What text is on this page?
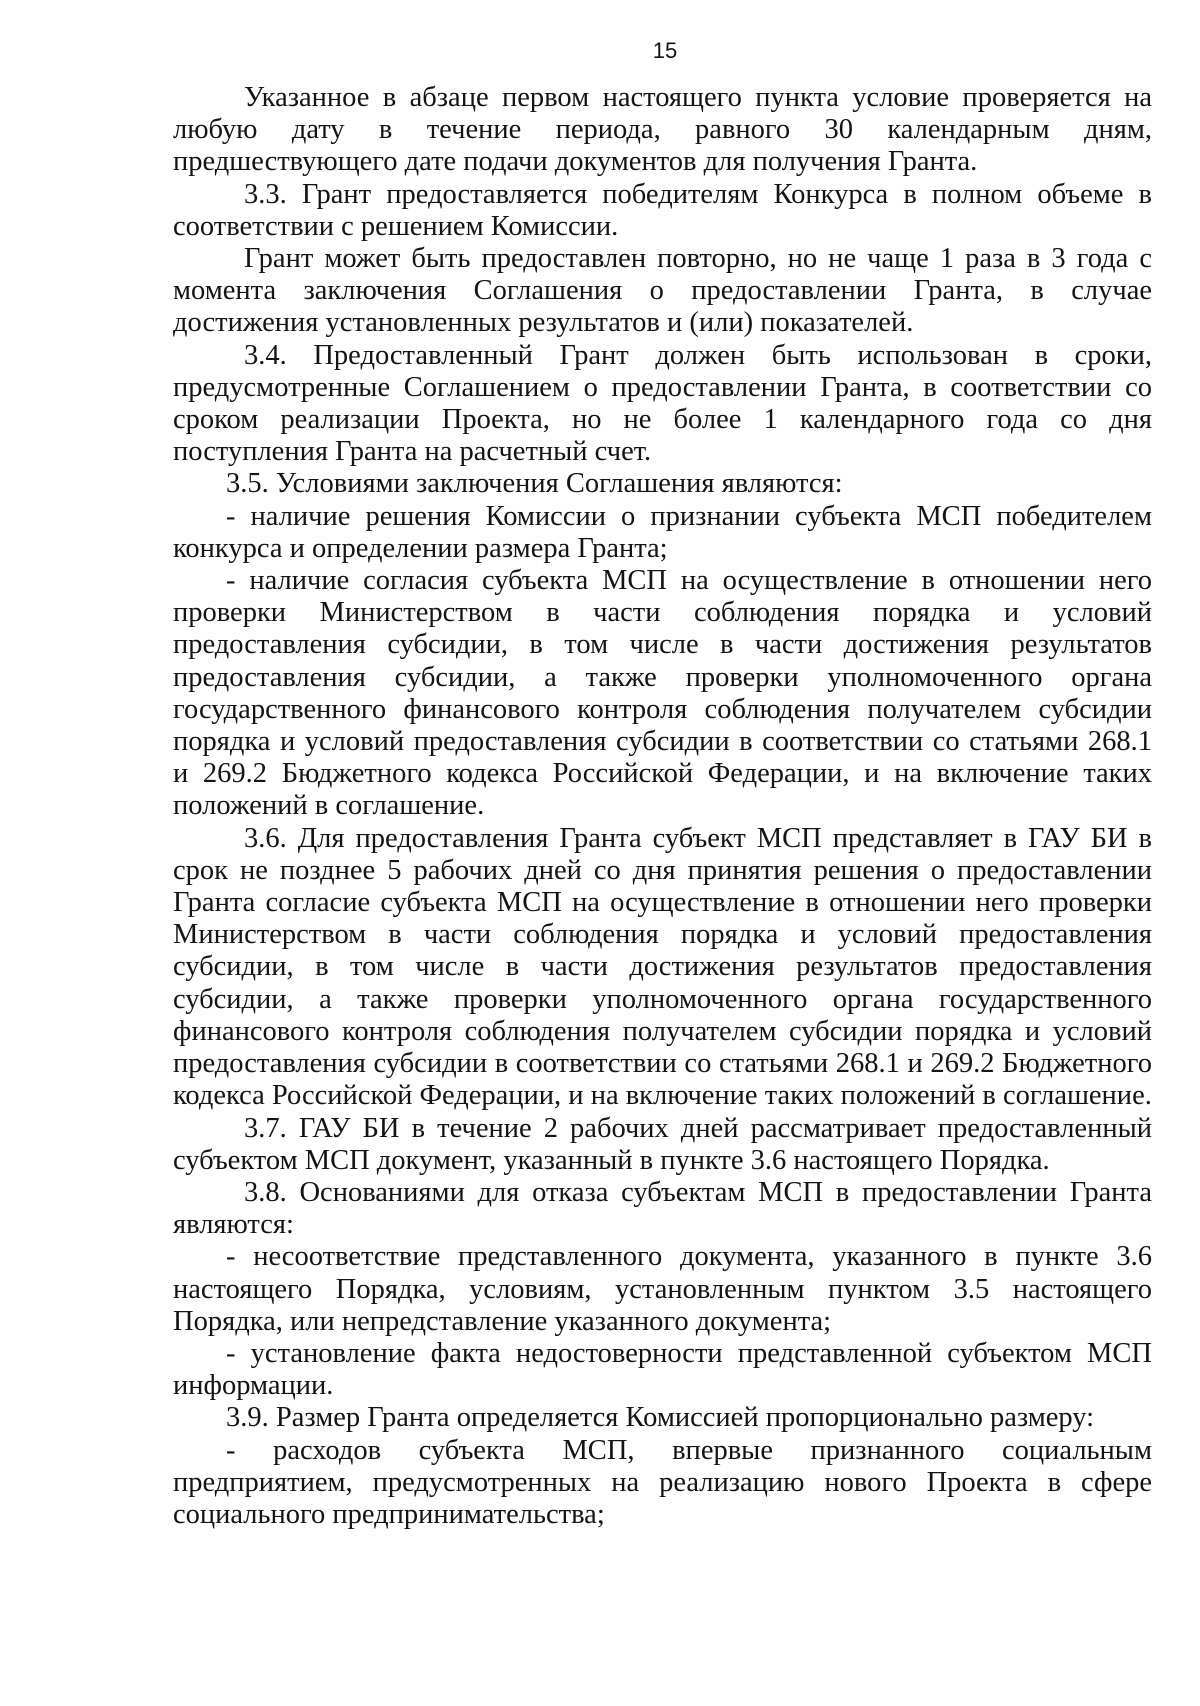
15

Указанное в абзаце первом настоящего пункта условие проверяется на любую дату в течение периода, равного 30 календарным дням, предшествующего дате подачи документов для получения Гранта.

3.3. Грант предоставляется победителям Конкурса в полном объеме в соответствии с решением Комиссии.

Грант может быть предоставлен повторно, но не чаще 1 раза в 3 года с момента заключения Соглашения о предоставлении Гранта, в случае достижения установленных результатов и (или) показателей.

3.4. Предоставленный Грант должен быть использован в сроки, предусмотренные Соглашением о предоставлении Гранта, в соответствии со сроком реализации Проекта, но не более 1 календарного года со дня поступления Гранта на расчетный счет.

3.5. Условиями заключения Соглашения являются:

- наличие решения Комиссии о признании субъекта МСП победителем конкурса и определении размера Гранта;

- наличие согласия субъекта МСП на осуществление в отношении него проверки Министерством в части соблюдения порядка и условий предоставления субсидии, в том числе в части достижения результатов предоставления субсидии, а также проверки уполномоченного органа государственного финансового контроля соблюдения получателем субсидии порядка и условий предоставления субсидии в соответствии со статьями 268.1 и 269.2 Бюджетного кодекса Российской Федерации, и на включение таких положений в соглашение.

3.6. Для предоставления Гранта субъект МСП представляет в ГАУ БИ в срок не позднее 5 рабочих дней со дня принятия решения о предоставлении Гранта согласие субъекта МСП на осуществление в отношении него проверки Министерством в части соблюдения порядка и условий предоставления субсидии, в том числе в части достижения результатов предоставления субсидии, а также проверки уполномоченного органа государственного финансового контроля соблюдения получателем субсидии порядка и условий предоставления субсидии в соответствии со статьями 268.1 и 269.2 Бюджетного кодекса Российской Федерации, и на включение таких положений в соглашение.

3.7. ГАУ БИ в течение 2 рабочих дней рассматривает предоставленный субъектом МСП документ, указанный в пункте 3.6 настоящего Порядка.

3.8. Основаниями для отказа субъектам МСП в предоставлении Гранта являются:

- несоответствие представленного документа, указанного в пункте 3.6 настоящего Порядка, условиям, установленным пунктом 3.5 настоящего Порядка, или непредставление указанного документа;

- установление факта недостоверности представленной субъектом МСП информации.

3.9. Размер Гранта определяется Комиссией пропорционально размеру:

- расходов субъекта МСП, впервые признанного социальным предприятием, предусмотренных на реализацию нового Проекта в сфере социального предпринимательства;
